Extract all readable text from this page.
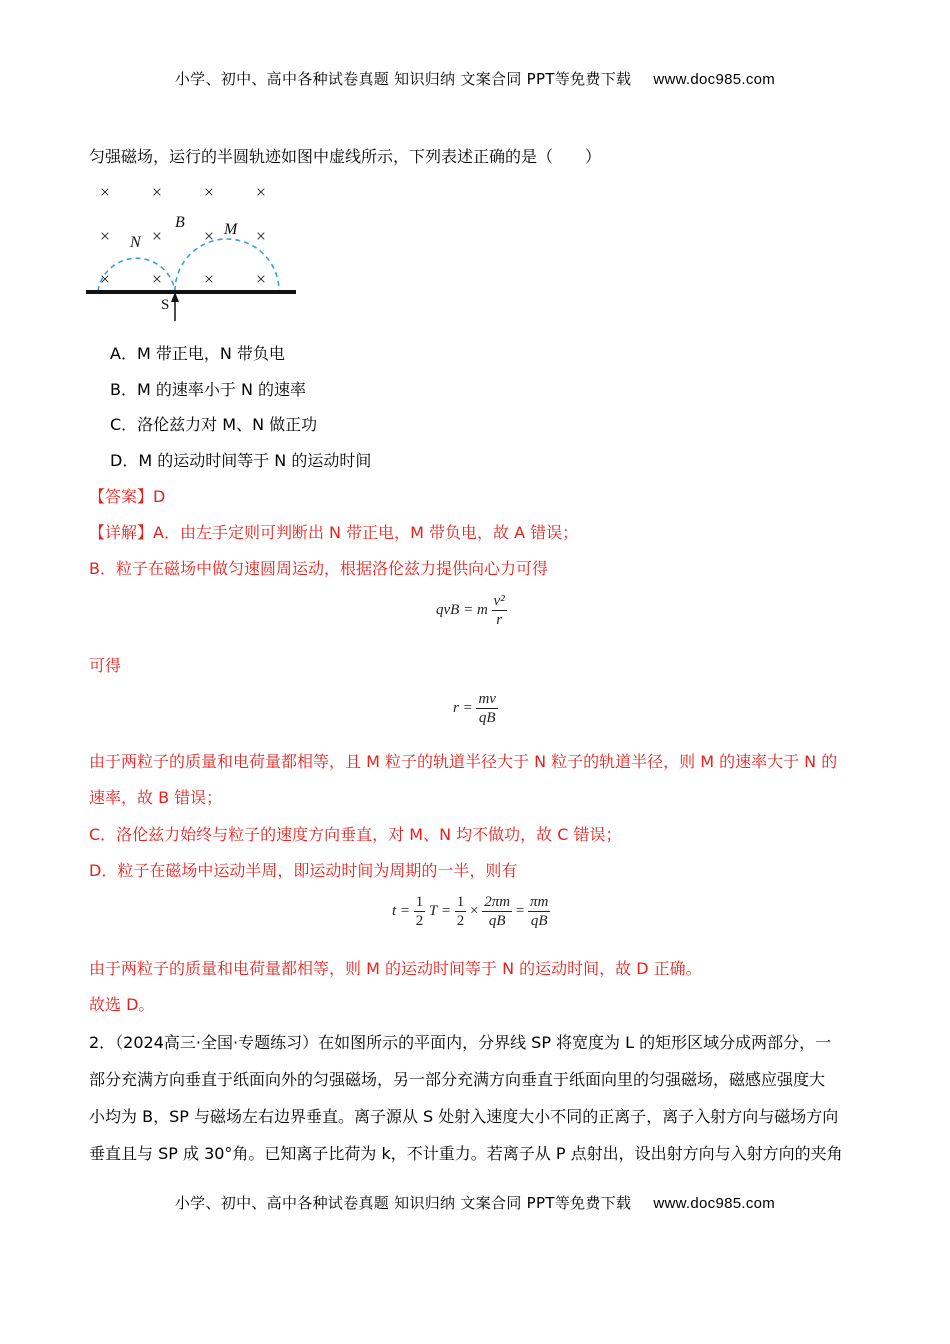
小学、初中、高中各种试卷真题 知识归纳 文案合同 PPT等免费下载 www.doc985.com
匀强磁场，运行的半圆轨迹如图中虚线所示，下列表述正确的是（　　）
× × × ×
× × × ×
× × × ×
B
N
M
S
A．M 带正电，N 带负电
B．M 的速率小于 N 的速率
C．洛伦兹力对 M、N 做正功
D．M 的运动时间等于 N 的运动时间
【答案】D
【详解】A．由左手定则可判断出 N 带正电，M 带负电，故 A 错误；
B．粒子在磁场中做匀速圆周运动，根据洛伦兹力提供向心力可得
qvB = m $\frac{\text{v²}}{r}$
可得
$r = \frac{mv}{qB}$
由于两粒子的质量和电荷量都相等，且 M 粒子的轨道半径大于 N 粒子的轨道半径，则 M 的速率大于 N 的
速率，故 B 错误；
C．洛伦兹力始终与粒子的速度方向垂直，对 M、N 均不做功，故 C 错误；
D．粒子在磁场中运动半周，即运动时间为周期的一半，则有
$t = \frac{1}{2}$ $T = \frac{1}{2} \times \frac{2\pi m}{qB} = \frac{\pi m}{qB}$
由于两粒子的质量和电荷量都相等，则 M 的运动时间等于 N 的运动时间，故 D 正确。
故选 D。
2．（2024高三·全国·专题练习）在如图所示的平面内，分界线 SP 将宽度为 L 的矩形区域分成两部分，一
部分充满方向垂直于纸面向外的匀强磁场，另一部分充满方向垂直于纸面向里的匀强磁场，磁感应强度大
小均为 B，SP 与磁场左右边界垂直。离子源从 S 处射入速度大小不同的正离子，离子入射方向与磁场方向
垂直且与 SP 成 30°角。已知离子比荷为 k，不计重力。若离子从 P 点射出，设出射方向与入射方向的夹角
小学、初中、高中各种试卷真题 知识归纳 文案合同 PPT等免费下载 www.doc985.com
